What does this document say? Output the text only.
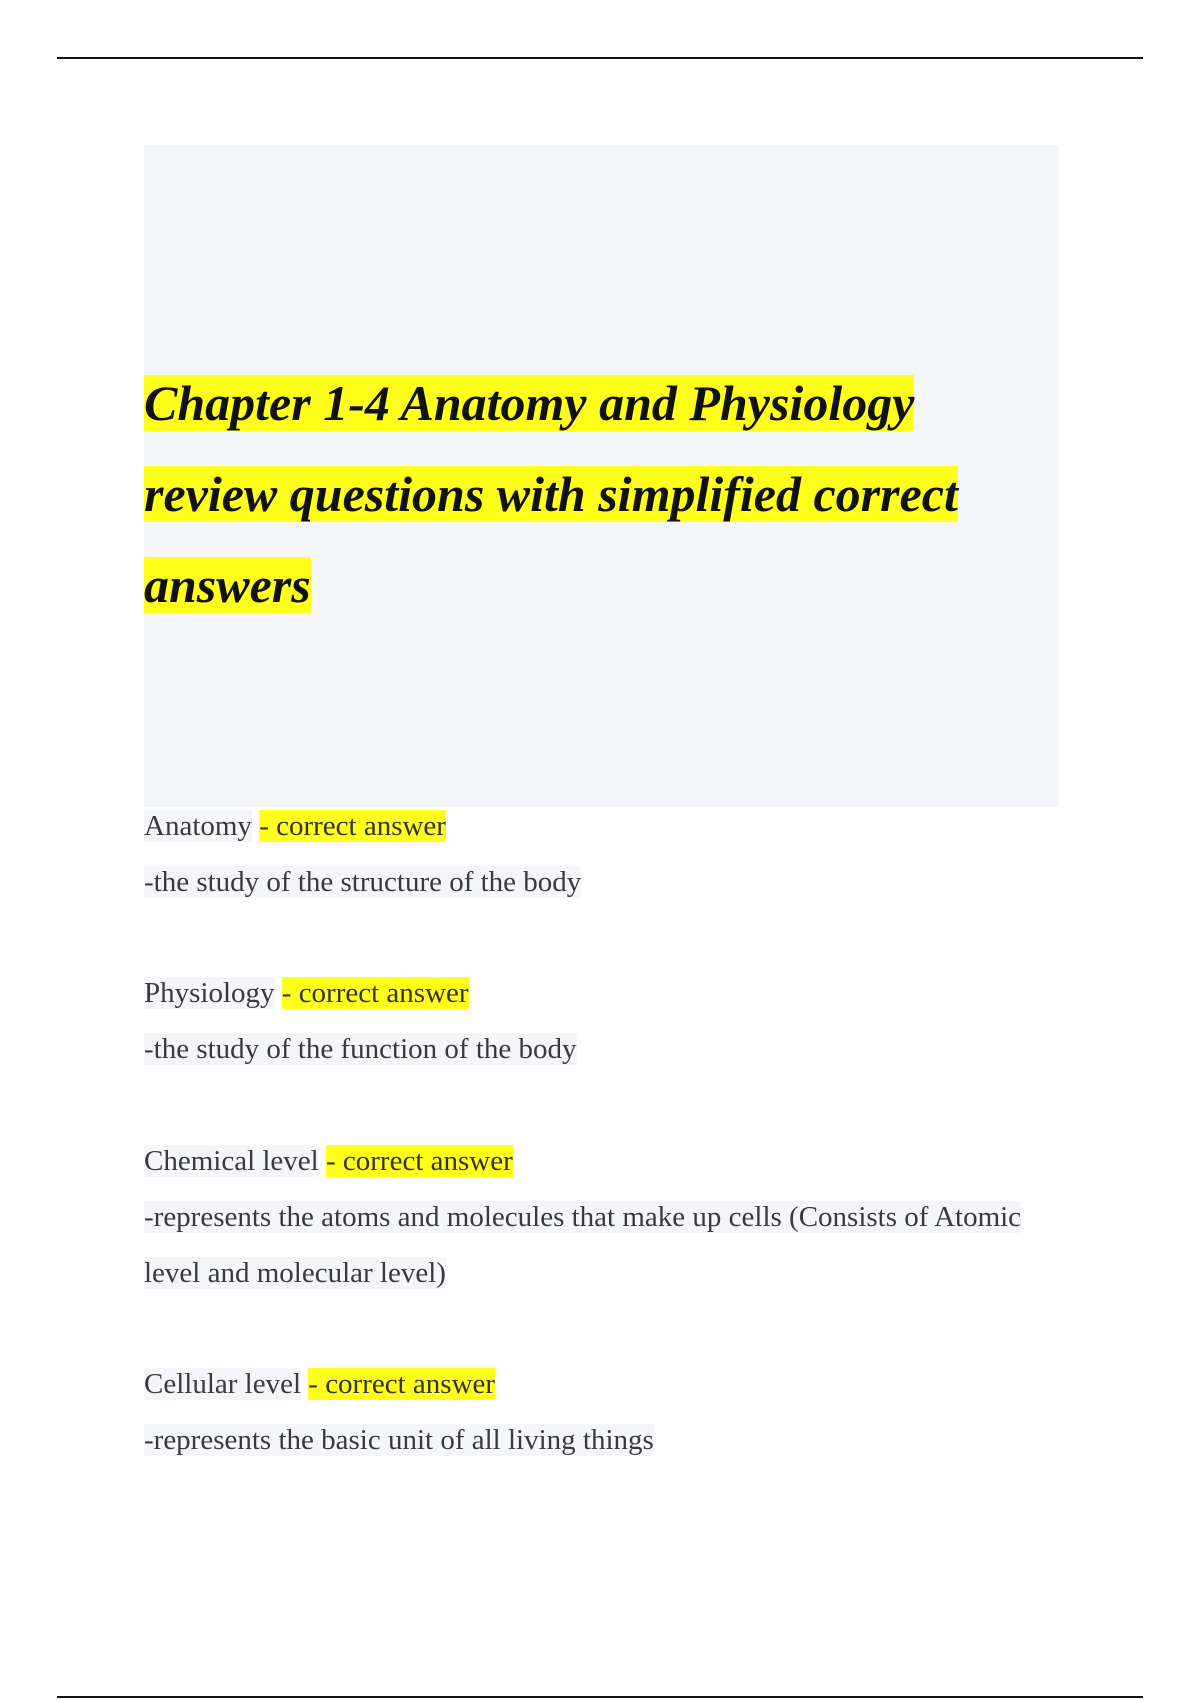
Chapter 1-4 Anatomy and Physiology review questions with simplified correct answers
Anatomy - correct answer
-the study of the structure of the body
Physiology - correct answer
-the study of the function of the body
Chemical level - correct answer
-represents the atoms and molecules that make up cells (Consists of Atomic level and molecular level)
Cellular level - correct answer
-represents the basic unit of all living things
